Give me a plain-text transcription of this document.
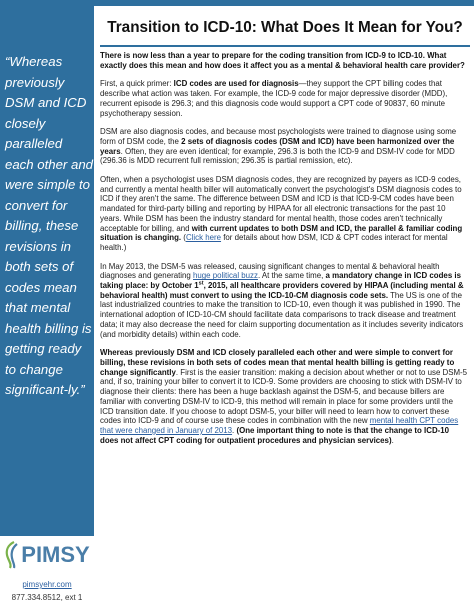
“Whereas previously DSM and ICD closely paralleled each other and were simple to convert for billing, these revisions in both sets of codes mean that mental health billing is getting ready to change significant-ly.”
PIMSY
pimsyehr.com
877.334.8512, ext 1
Transition to ICD-10: What Does It Mean for You?

There is now less than a year to prepare for the coding transition from ICD-9 to ICD-10. What exactly does this mean and how does it affect you as a mental & behavioral health care provider?

First, a quick primer: ICD codes are used for diagnosis—they support the CPT billing codes that describe what action was taken. For example, the ICD-9 code for major depressive disorder (MDD), recurrent episode is 296.3; and this diagnosis code would support a CPT code of 90837, 60 minute psychotherapy session.

DSM are also diagnosis codes, and because most psychologists were trained to diagnose using some form of DSM code, the 2 sets of diagnosis codes (DSM and ICD) have been harmonized over the years. Often, they are even identical; for example, 296.3 is both the ICD-9 and DSM-IV code for MDD (296.36 is MDD recurrent full remission; 296.35 is partial remission, etc).

Often, when a psychologist uses DSM diagnosis codes, they are recognized by payers as ICD-9 codes, and currently a mental health biller will automatically convert the psychologist's DSM diagnosis codes to ICD if they aren't the same. The difference between DSM and ICD is that ICD-9-CM codes have been mandated for third-party billing and reporting by HIPAA for all electronic transactions for the past 10 years. While DSM has been the industry standard for mental health, those codes aren't technically acceptable for billing, and with current updates to both DSM and ICD, the parallel & familiar coding situation is changing. (Click here for details about how DSM, ICD & CPT codes interact for mental health.)

In May 2013, the DSM-5 was released, causing significant changes to mental & behavioral health diagnoses and generating huge political buzz. At the same time, a mandatory change in ICD codes is taking place: by October 1st, 2015, all healthcare providers covered by HIPAA (including mental & behavioral health) must convert to using the ICD-10-CM diagnosis code sets. The US is one of the last industrialized countries to make the transition to ICD-10, even though it was published in 1990. The international adoption of ICD-10-CM should facilitate data comparisons to track disease and treatment data; it may also decrease the need for claim supporting documentation as it includes severity indicators (and morbidity details) within each code.

Whereas previously DSM and ICD closely paralleled each other and were simple to convert for billing, these revisions in both sets of codes mean that mental health billing is getting ready to change significantly. First is the easier transition: making a decision about whether or not to use DSM-5 and, if so, training your biller to convert it to ICD-9. Some providers are choosing to stick with DSM-IV to diagnose their clients: there has been a huge backlash against the DSM-5, and because billers are familiar with converting DSM-IV to ICD-9, this method will remain in place for some providers until the ICD transition date. If you choose to adopt DSM-5, your biller will need to learn how to convert these codes into ICD-9 and of course use these codes in combination with the new mental health CPT codes that were changed in January of 2013. (One important thing to note is that the change to ICD-10 does not affect CPT coding for outpatient procedures and physician services).
